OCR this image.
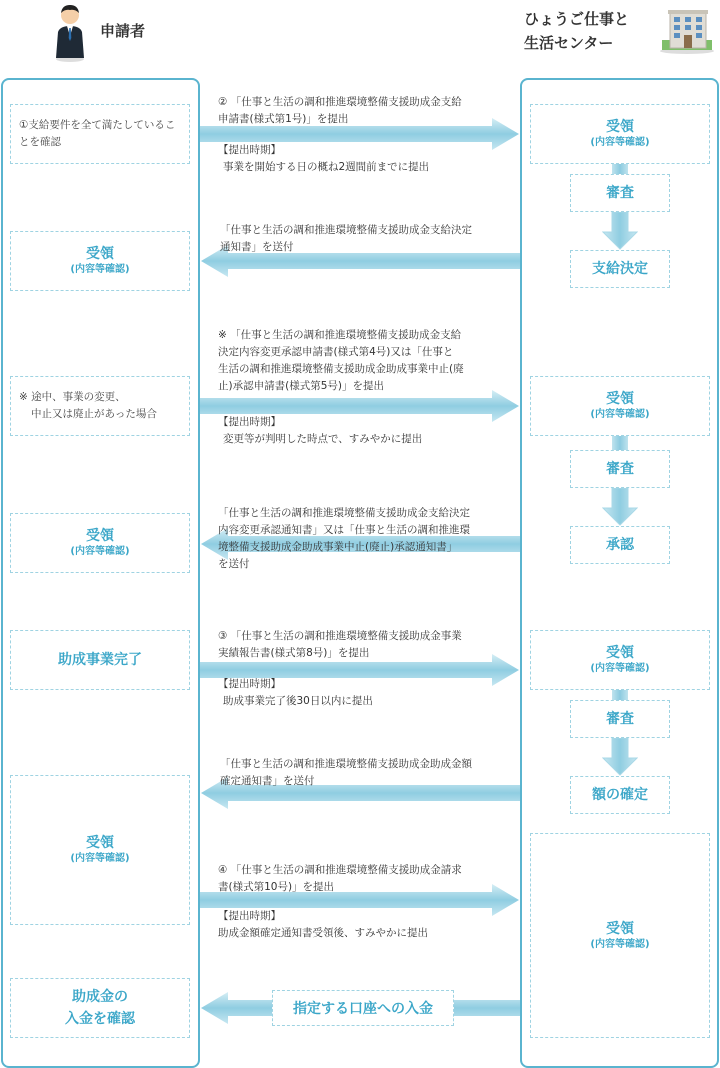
申請者
ひょうご仕事と
生活センター
①支給要件を全て満たしていることを確認
受領
(内容等確認)
※ 途中、事業の変更、
中止又は廃止があった場合
受領
(内容等確認)
助成事業完了
受領
(内容等確認)
助成金の
入金を確認
受領
(内容等確認)
審査
支給決定
受領
(内容等確認)
審査
承認
受領
(内容等確認)
審査
額の確定
受領
(内容等確認)
指定する口座への入金
② 「仕事と生活の調和推進環境整備支援助成金支給
申請書(様式第1号)」を提出
【提出時期】
事業を開始する日の概ね2週間前までに提出
「仕事と生活の調和推進環境整備支援助成金支給決定
通知書」を送付
※ 「仕事と生活の調和推進環境整備支援助成金支給
決定内容変更承認申請書(様式第4号)又は「仕事と
生活の調和推進環境整備支援助成金助成事業中止(廃
止)承認申請書(様式第5号)」を提出
【提出時期】
変更等が判明した時点で、すみやかに提出
「仕事と生活の調和推進環境整備支援助成金支給決定
内容変更承認通知書」又は「仕事と生活の調和推進環
境整備支援助成金助成事業中止(廃止)承認通知書」
を送付
③ 「仕事と生活の調和推進環境整備支援助成金事業
実績報告書(様式第8号)」を提出
【提出時期】
助成事業完了後30日以内に提出
「仕事と生活の調和推進環境整備支援助成金助成金額
確定通知書」を送付
④ 「仕事と生活の調和推進環境整備支援助成金請求
書(様式第10号)」を提出
【提出時期】
助成金額確定通知書受領後、すみやかに提出
